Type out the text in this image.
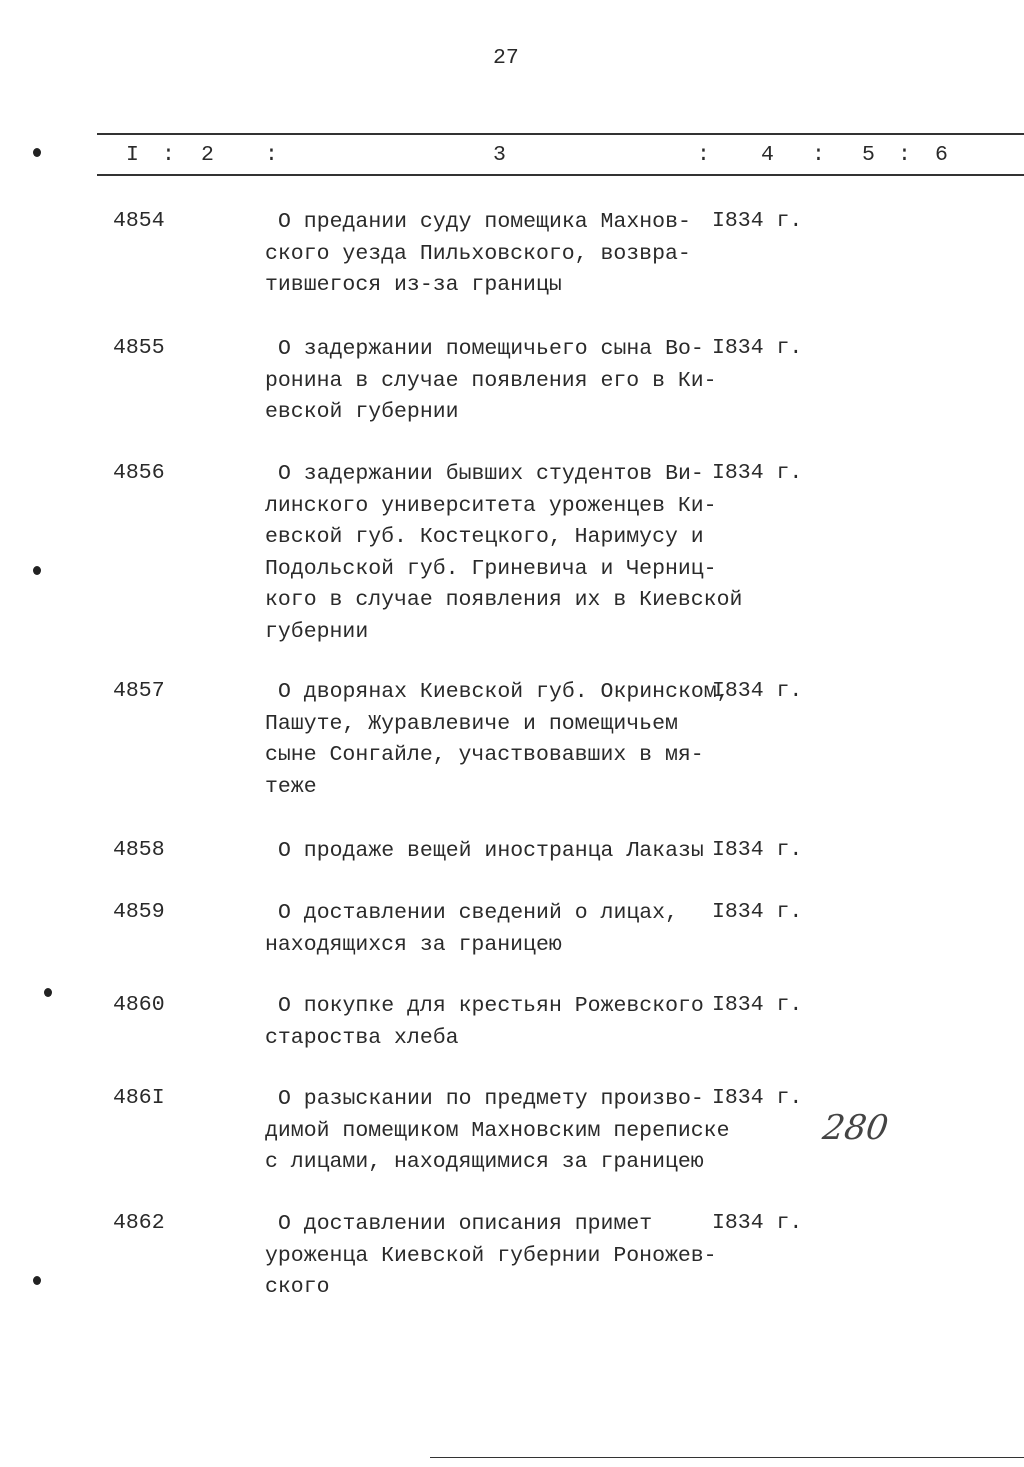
27
I : 2 :	3	: 4 : 5 : 6
4854	О предании суду помещика Махнов-
ского уезда Пильховского, возвра-
тившегося из-за границы
I834 г.
4855	О задержании помещичьего сына Во-
ронина в случае появления его в Ки-
евской губернии
I834 г.
4856	О задержании бывших студентов Ви-
линского университета уроженцев Ки-
евской губ. Костецкого, Наримусу и
Подольской губ. Гриневича и Черниц-
кого в случае появления их в Киевской
губернии
I834 г.
4857	О дворянах Киевской губ. Окринском,
Пашуте, Журавлевиче и помещичьем
сыне Сонгайле, участвовавших в мя-
теже
I834 г.
4858	О продаже вещей иностранца Лаказы I834 г.
4859	О доставлении сведений о лицах,
находящихся за границею
I834 г.
4860	О покупке для крестьян Рожевского
староства хлеба
I834 г.
486I	О разыскании по предмету произво-
димой помещиком Махновским переписке
с лицами, находящимися за границею
I834 г.
4862	О доставлении описания примет
уроженца Киевской губернии Роножев-
ского
I834 г.
280
